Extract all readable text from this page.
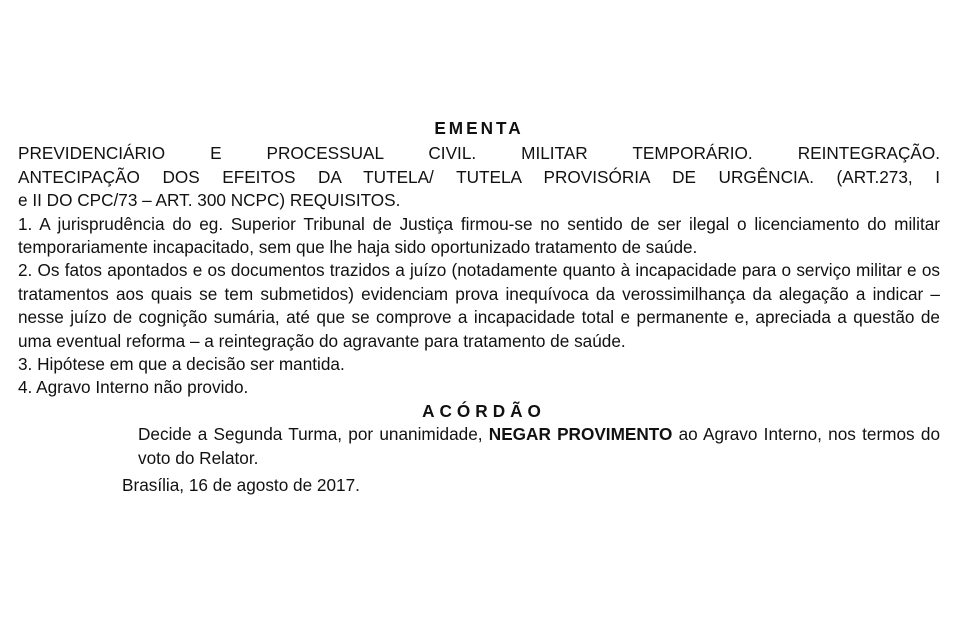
EMENTA

PREVIDENCIÁRIO E PROCESSUAL CIVIL. MILITAR TEMPORÁRIO. REINTEGRAÇÃO.

ANTECIPAÇÃO DOS EFEITOS DA TUTELA/ TUTELA PROVISÓRIA DE URGÊNCIA. (ART.273, I

e II DO CPC/73 – ART. 300 NCPC) REQUISITOS.

1. A jurisprudência do eg. Superior Tribunal de Justiça firmou-se no sentido de ser ilegal o licenciamento do militar temporariamente incapacitado, sem que lhe haja sido oportunizado tratamento de saúde.

2. Os fatos apontados e os documentos trazidos a juízo (notadamente quanto à incapacidade para o serviço militar e os tratamentos aos quais se tem submetidos) evidenciam prova inequívoca da verossimilhança da alegação a indicar – nesse juízo de cognição sumária, até que se comprove a incapacidade total e permanente e, apreciada a questão de uma eventual reforma – a reintegração do agravante para tratamento de saúde.

3. Hipótese em que a decisão ser mantida.

4. Agravo Interno não provido.

ACÓRDÃO

Decide a Segunda Turma, por unanimidade, NEGAR PROVIMENTO ao Agravo Interno, nos termos do voto do Relator.

Brasília, 16 de agosto de 2017.
